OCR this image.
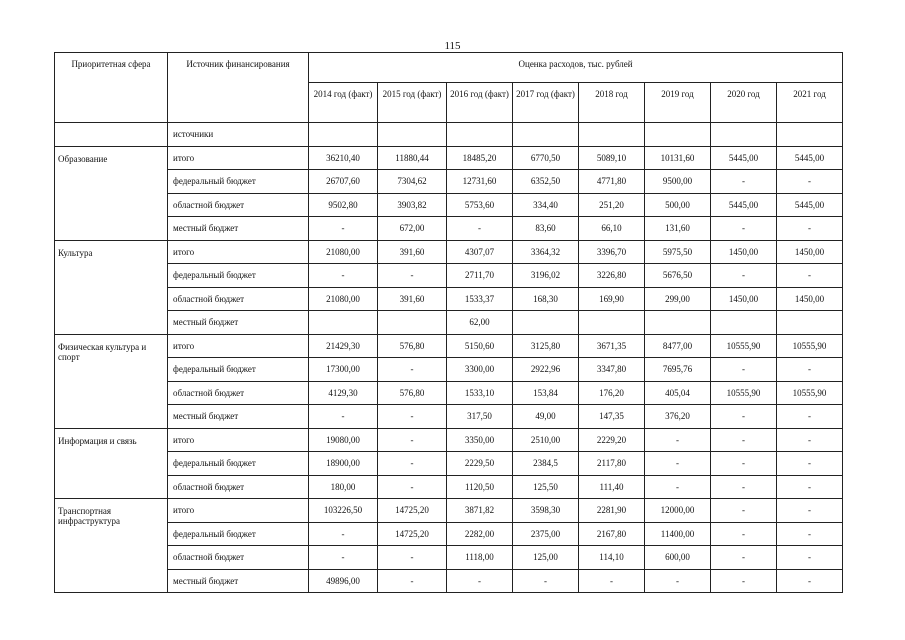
115
Приоритетная сфера	Источник финансирования	Оценка расходов, тыс. рублей							
		2014 год (факт)	2015 год (факт)	2016 год (факт)	2017 год (факт)	2018 год	2019 год	2020 год	2021 год
	источники								
Образование	итого	36210,40	11880,44	18485,20	6770,50	5089,10	10131,60	5445,00	5445,00
	федеральный бюджет	26707,60	7304,62	12731,60	6352,50	4771,80	9500,00	-	-
	областной бюджет	9502,80	3903,82	5753,60	334,40	251,20	500,00	5445,00	5445,00
	местный бюджет	-	672,00	-	83,60	66,10	131,60	-	-
Культура	итого	21080,00	391,60	4307,07	3364,32	3396,70	5975,50	1450,00	1450,00
	федеральный бюджет	-	-	2711,70	3196,02	3226,80	5676,50	-	-
	областной бюджет	21080,00	391,60	1533,37	168,30	169,90	299,00	1450,00	1450,00
	местный бюджет			62,00					
Физическая культура и спорт	итого	21429,30	576,80	5150,60	3125,80	3671,35	8477,00	10555,90	10555,90
	федеральный бюджет	17300,00	-	3300,00	2922,96	3347,80	7695,76	-	-
	областной бюджет	4129,30	576,80	1533,10	153,84	176,20	405,04	10555,90	10555,90
	местный бюджет	-	-	317,50	49,00	147,35	376,20	-	-
Информация и связь	итого	19080,00	-	3350,00	2510,00	2229,20	-	-	-
	федеральный бюджет	18900,00	-	2229,50	2384,5	2117,80	-	-	-
	областной бюджет	180,00	-	1120,50	125,50	111,40	-	-	-
Транспортная инфраструктура	итого	103226,50	14725,20	3871,82	3598,30	2281,90	12000,00	-	-
	федеральный бюджет	-	14725,20	2282,00	2375,00	2167,80	11400,00	-	-
	областной бюджет	-	-	1118,00	125,00	114,10	600,00	-	-
	местный бюджет	49896,00	-	-	-	-	-	-	-
